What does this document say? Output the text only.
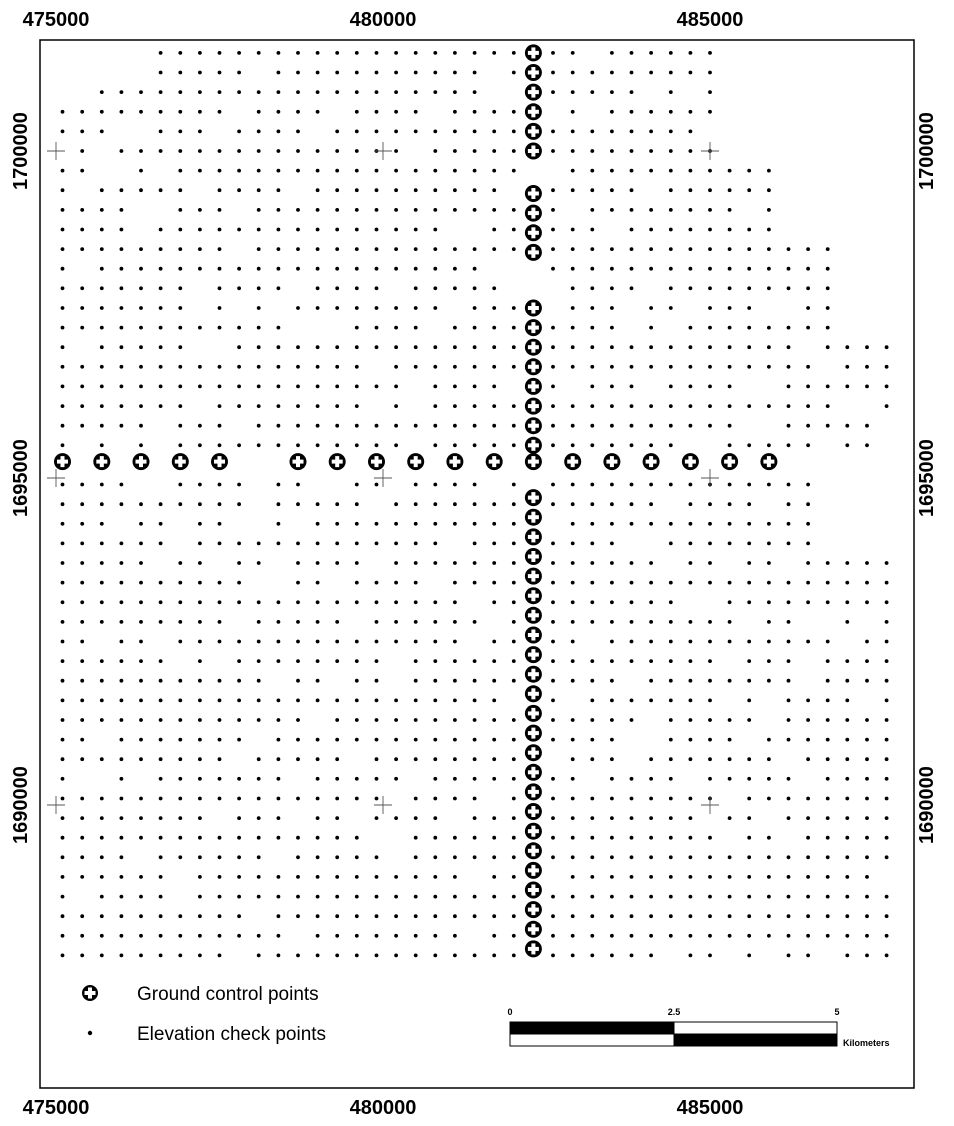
475000
475000
480000
480000
485000
485000
1700000	1700000
1695000	1695000
1690000	1690000
Ground control points
Elevation check points
0	2.5	5
Kilometers
